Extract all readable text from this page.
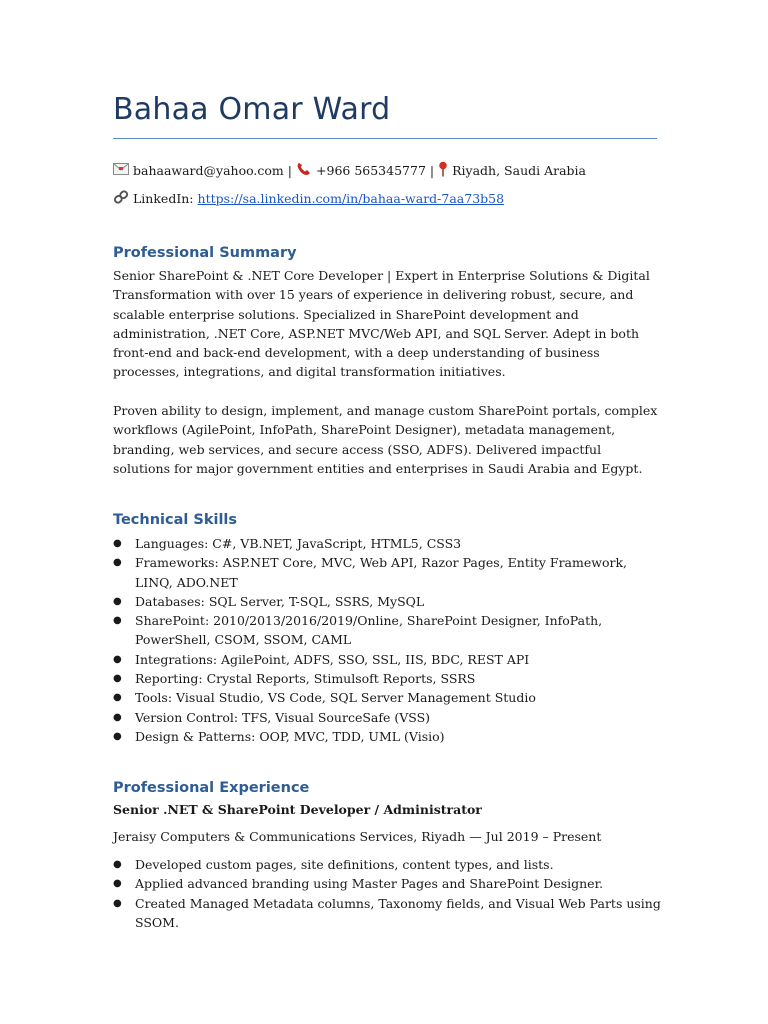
Bahaa Omar Ward
bahaaward@yahoo.com | +966 565345777 | Riyadh, Saudi Arabia
LinkedIn: https://sa.linkedin.com/in/bahaa-ward-7aa73b58
Professional Summary

Senior SharePoint & .NET Core Developer | Expert in Enterprise Solutions & Digital Transformation with over 15 years of experience in delivering robust, secure, and scalable enterprise solutions. Specialized in SharePoint development and administration, .NET Core, ASP.NET MVC/Web API, and SQL Server. Adept in both front-end and back-end development, with a deep understanding of business processes, integrations, and digital transformation initiatives.

Proven ability to design, implement, and manage custom SharePoint portals, complex workflows (AgilePoint, InfoPath, SharePoint Designer), metadata management, branding, web services, and secure access (SSO, ADFS). Delivered impactful solutions for major government entities and enterprises in Saudi Arabia and Egypt.

Technical Skills
● Languages: C#, VB.NET, JavaScript, HTML5, CSS3
● Frameworks: ASP.NET Core, MVC, Web API, Razor Pages, Entity Framework, LINQ, ADO.NET
● Databases: SQL Server, T-SQL, SSRS, MySQL
● SharePoint: 2010/2013/2016/2019/Online, SharePoint Designer, InfoPath, PowerShell, CSOM, SSOM, CAML
● Integrations: AgilePoint, ADFS, SSO, SSL, IIS, BDC, REST API
● Reporting: Crystal Reports, Stimulsoft Reports, SSRS
● Tools: Visual Studio, VS Code, SQL Server Management Studio
● Version Control: TFS, Visual SourceSafe (VSS)
● Design & Patterns: OOP, MVC, TDD, UML (Visio)
Professional Experience
Senior .NET & SharePoint Developer / Administrator
Jeraisy Computers & Communications Services, Riyadh — Jul 2019 – Present
● Developed custom pages, site definitions, content types, and lists.
● Applied advanced branding using Master Pages and SharePoint Designer.
● Created Managed Metadata columns, Taxonomy fields, and Visual Web Parts using SSOM.
